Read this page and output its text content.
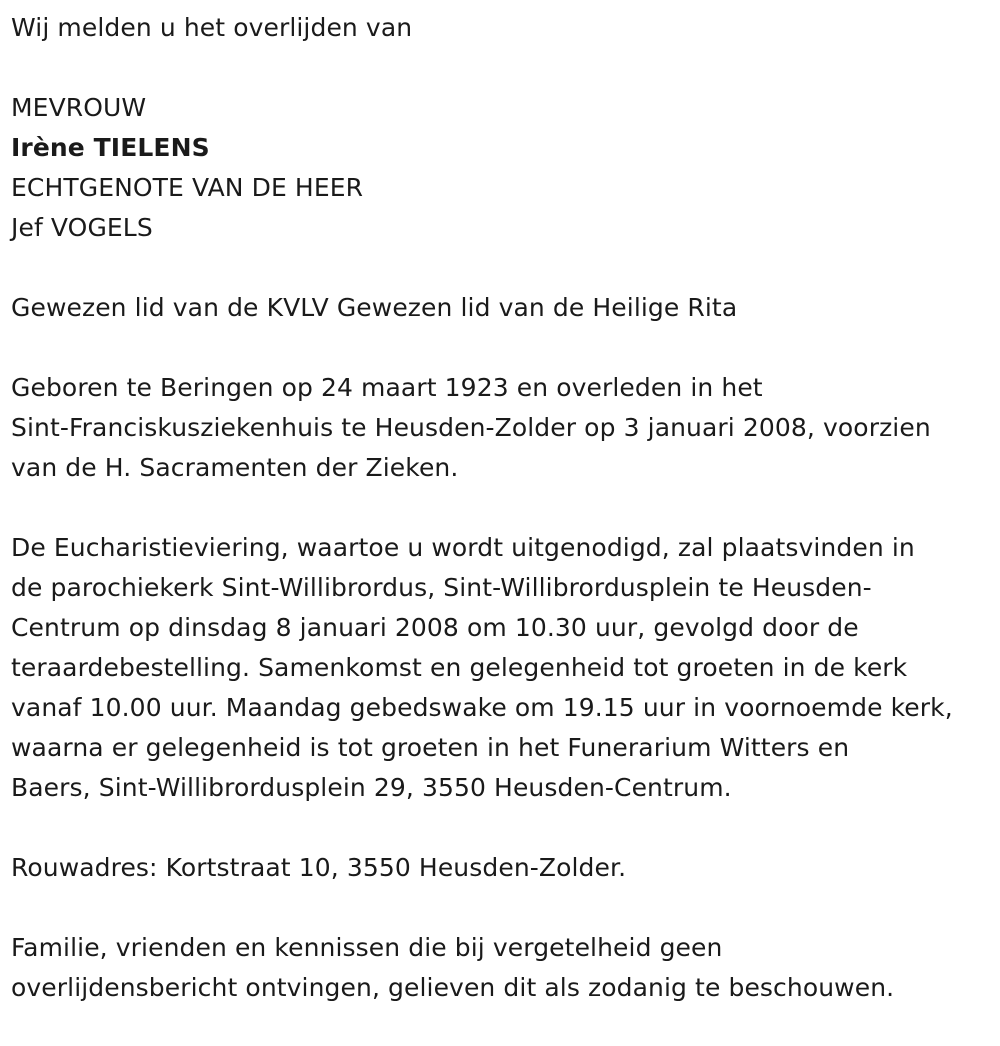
Wij melden u het overlijden van
MEVROUW
Irène TIELENS
ECHTGENOTE VAN DE HEER
Jef VOGELS
Gewezen lid van de KVLV Gewezen lid van de Heilige Rita
Geboren te Beringen op 24 maart 1923 en overleden in het
Sint-Franciskusziekenhuis te Heusden-Zolder op 3 januari 2008, voorzien
van de H. Sacramenten der Zieken.
De Eucharistieviering, waartoe u wordt uitgenodigd, zal plaatsvinden in
de parochiekerk Sint-Willibrordus, Sint-Willibrordusplein te Heusden-
Centrum op dinsdag 8 januari 2008 om 10.30 uur, gevolgd door de
teraardebestelling. Samenkomst en gelegenheid tot groeten in de kerk
vanaf 10.00 uur. Maandag gebedswake om 19.15 uur in voornoemde kerk,
waarna er gelegenheid is tot groeten in het Funerarium Witters en
Baers, Sint-Willibrordusplein 29, 3550 Heusden-Centrum.
Rouwadres: Kortstraat 10, 3550 Heusden-Zolder.
Familie, vrienden en kennissen die bij vergetelheid geen
overlijdensbericht ontvingen, gelieven dit als zodanig te beschouwen.
